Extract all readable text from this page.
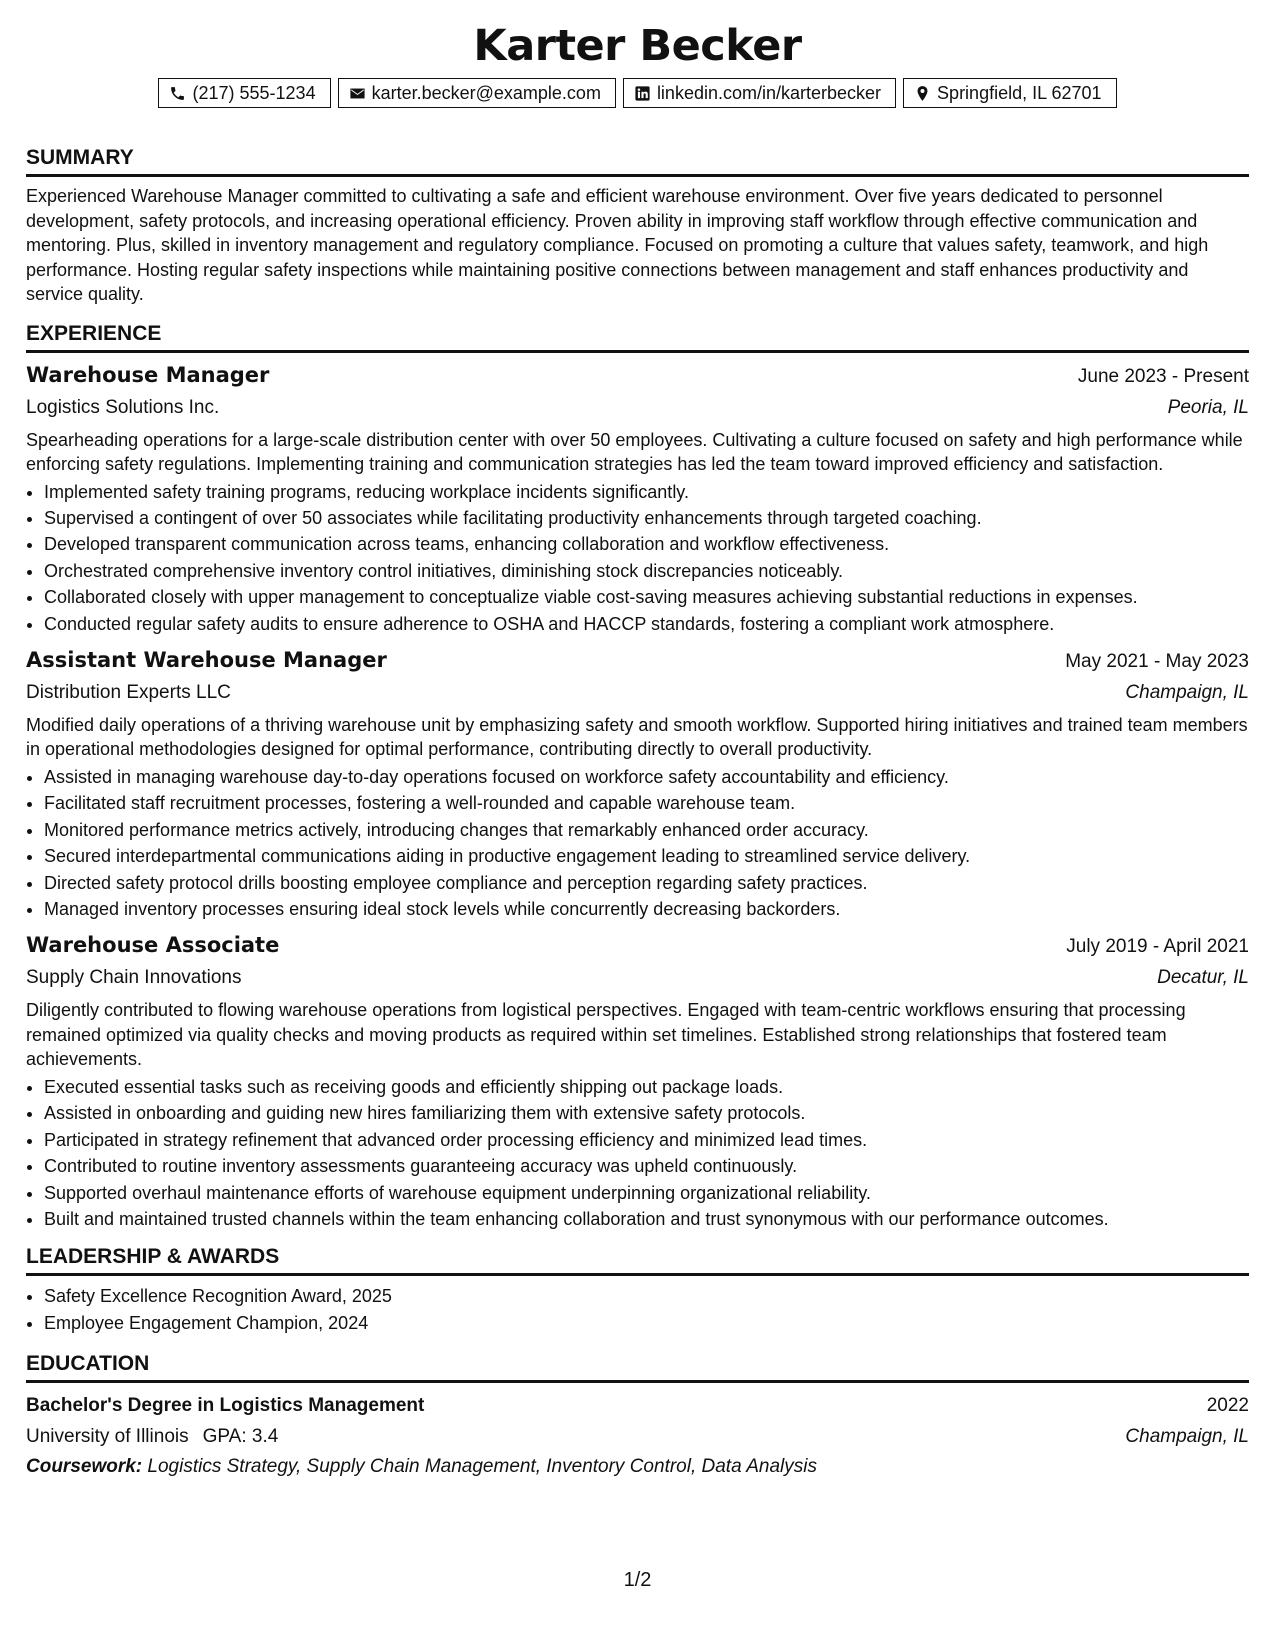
Karter Becker
(217) 555-1234	karter.becker@example.com	linkedin.com/in/karterbecker	Springfield, IL 62701
SUMMARY

Experienced Warehouse Manager committed to cultivating a safe and efficient warehouse environment. Over five years dedicated to personnel development, safety protocols, and increasing operational efficiency. Proven ability in improving staff workflow through effective communication and mentoring. Plus, skilled in inventory management and regulatory compliance. Focused on promoting a culture that values safety, teamwork, and high performance. Hosting regular safety inspections while maintaining positive connections between management and staff enhances productivity and service quality.

EXPERIENCE
Warehouse Manager	June 2023 - Present
Logistics Solutions Inc.	Peoria, IL

Spearheading operations for a large-scale distribution center with over 50 employees. Cultivating a culture focused on safety and high performance while enforcing safety regulations. Implementing training and communication strategies has led the team toward improved efficiency and satisfaction.

• Implemented safety training programs, reducing workplace incidents significantly.
• Supervised a contingent of over 50 associates while facilitating productivity enhancements through targeted coaching.
• Developed transparent communication across teams, enhancing collaboration and workflow effectiveness.
• Orchestrated comprehensive inventory control initiatives, diminishing stock discrepancies noticeably.
• Collaborated closely with upper management to conceptualize viable cost-saving measures achieving substantial reductions in expenses.
• Conducted regular safety audits to ensure adherence to OSHA and HACCP standards, fostering a compliant work atmosphere.
Assistant Warehouse Manager	May 2021 - May 2023
Distribution Experts LLC	Champaign, IL

Modified daily operations of a thriving warehouse unit by emphasizing safety and smooth workflow. Supported hiring initiatives and trained team members in operational methodologies designed for optimal performance, contributing directly to overall productivity.

• Assisted in managing warehouse day-to-day operations focused on workforce safety accountability and efficiency.
• Facilitated staff recruitment processes, fostering a well-rounded and capable warehouse team.
• Monitored performance metrics actively, introducing changes that remarkably enhanced order accuracy.
• Secured interdepartmental communications aiding in productive engagement leading to streamlined service delivery.
• Directed safety protocol drills boosting employee compliance and perception regarding safety practices.
• Managed inventory processes ensuring ideal stock levels while concurrently decreasing backorders.
Warehouse Associate	July 2019 - April 2021
Supply Chain Innovations	Decatur, IL

Diligently contributed to flowing warehouse operations from logistical perspectives. Engaged with team-centric workflows ensuring that processing remained optimized via quality checks and moving products as required within set timelines. Established strong relationships that fostered team achievements.

• Executed essential tasks such as receiving goods and efficiently shipping out package loads.
• Assisted in onboarding and guiding new hires familiarizing them with extensive safety protocols.
• Participated in strategy refinement that advanced order processing efficiency and minimized lead times.
• Contributed to routine inventory assessments guaranteeing accuracy was upheld continuously.
• Supported overhaul maintenance efforts of warehouse equipment underpinning organizational reliability.
• Built and maintained trusted channels within the team enhancing collaboration and trust synonymous with our performance outcomes.
LEADERSHIP & AWARDS
• Safety Excellence Recognition Award, 2025
• Employee Engagement Champion, 2024
EDUCATION
Bachelor's Degree in Logistics Management	2022
University of Illinois GPA: 3.4	Champaign, IL
Coursework: Logistics Strategy, Supply Chain Management, Inventory Control, Data Analysis
1/2
